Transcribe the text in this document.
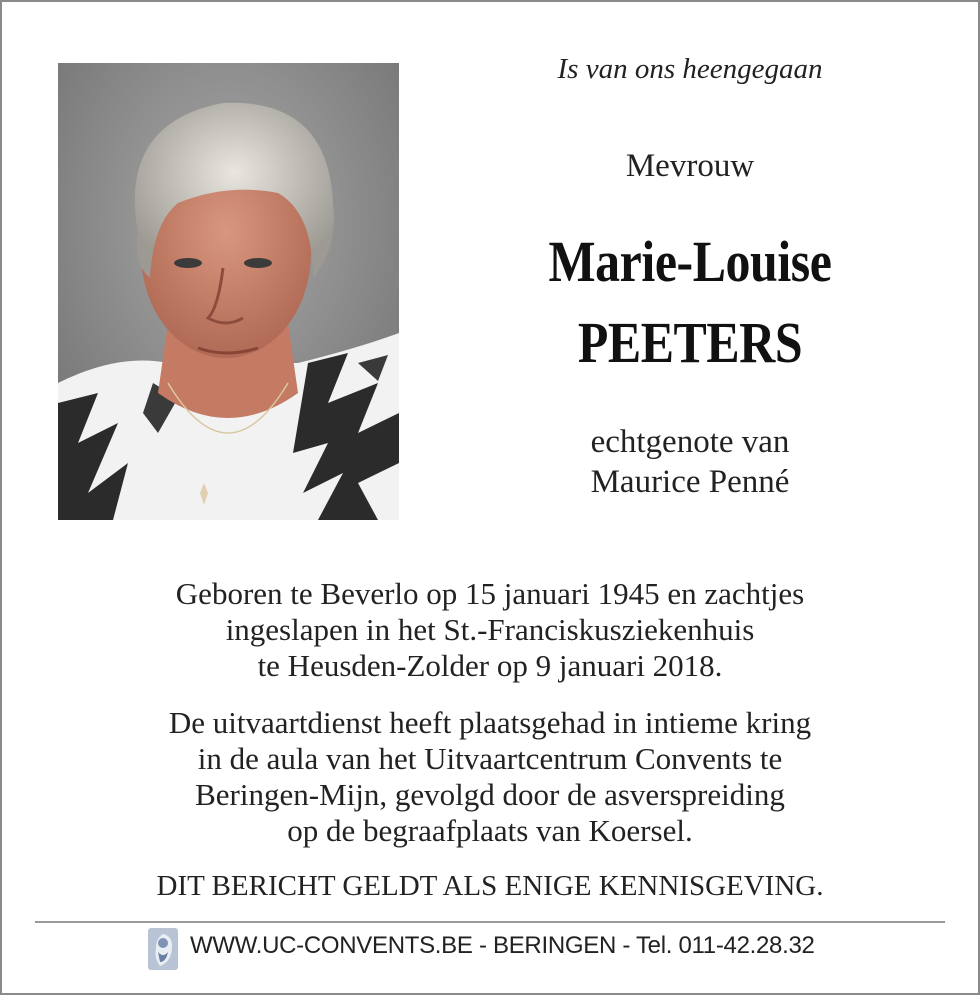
Is van ons heengegaan
Mevrouw
Marie-Louise
PEETERS
echtgenote van
Maurice Penné
Geboren te Beverlo op 15 januari 1945 en zachtjes
ingeslapen in het St.-Franciskusziekenhuis
te Heusden-Zolder op 9 januari 2018.
De uitvaartdienst heeft plaatsgehad in intieme kring
in de aula van het Uitvaartcentrum Convents te
Beringen-Mijn, gevolgd door de asverspreiding
op de begraafplaats van Koersel.
DIT BERICHT GELDT ALS ENIGE KENNISGEVING.
WWW.UC-CONVENTS.BE - BERINGEN - Tel. 011-42.28.32
